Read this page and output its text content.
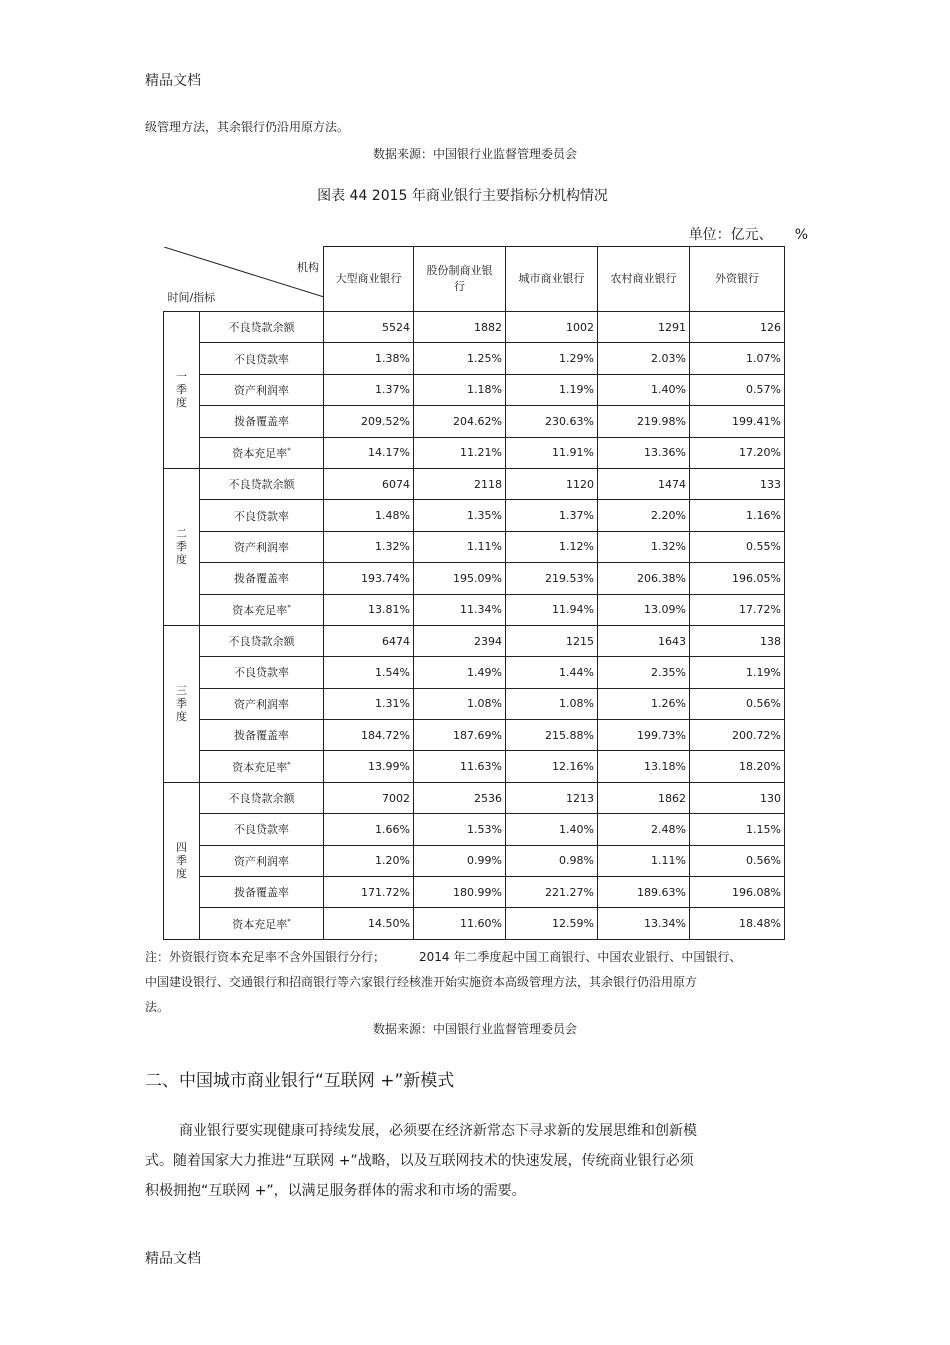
精品文档
级管理方法，其余银行仍沿用原方法。
数据来源：中国银行业监督管理委员会
图表 44 2015 年商业银行主要指标分机构情况
单位：亿元、 %
机构
时间/指标		大型商业银行	股份制商业银行	城市商业银行	农村商业银行	外资银行
一季度	不良贷款余额	5524	1882	1002	1291	126
	不良贷款率	1.38%	1.25%	1.29%	2.03%	1.07%
	资产利润率	1.37%	1.18%	1.19%	1.40%	0.57%
	拨备覆盖率	209.52%	204.62%	230.63%	219.98%	199.41%
	资本充足率*	14.17%	11.21%	11.91%	13.36%	17.20%
二季度	不良贷款余额	6074	2118	1120	1474	133
	不良贷款率	1.48%	1.35%	1.37%	2.20%	1.16%
	资产利润率	1.32%	1.11%	1.12%	1.32%	0.55%
	拨备覆盖率	193.74%	195.09%	219.53%	206.38%	196.05%
	资本充足率*	13.81%	11.34%	11.94%	13.09%	17.72%
三季度	不良贷款余额	6474	2394	1215	1643	138
	不良贷款率	1.54%	1.49%	1.44%	2.35%	1.19%
	资产利润率	1.31%	1.08%	1.08%	1.26%	0.56%
	拨备覆盖率	184.72%	187.69%	215.88%	199.73%	200.72%
	资本充足率*	13.99%	11.63%	12.16%	13.18%	18.20%
四季度	不良贷款余额	7002	2536	1213	1862	130
	不良贷款率	1.66%	1.53%	1.40%	2.48%	1.15%
	资产利润率	1.20%	0.99%	0.98%	1.11%	0.56%
	拨备覆盖率	171.72%	180.99%	221.27%	189.63%	196.08%
	资本充足率*	14.50%	11.60%	12.59%	13.34%	18.48%
注：外资银行资本充足率不含外国银行分行；	2014 年二季度起中国工商银行、中国农业银行、中国银行、
中国建设银行、交通银行和招商银行等六家银行经核准开始实施资本高级管理方法，其余银行仍沿用原方
法。
数据来源：中国银行业监督管理委员会
二、中国城市商业银行“互联网 +”新模式
商业银行要实现健康可持续发展，必须要在经济新常态下寻求新的发展思维和创新模
式。随着国家大力推进“互联网 +”战略，以及互联网技术的快速发展，传统商业银行必须
积极拥抱“互联网 +”，以满足服务群体的需求和市场的需要。
精品文档
